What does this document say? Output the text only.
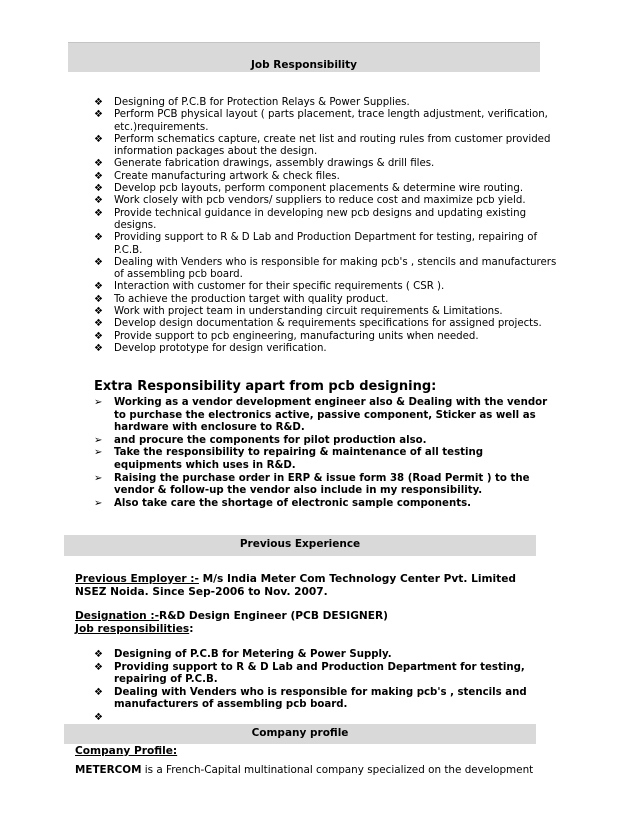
Job Responsibility
❖ Designing of P.C.B for Protection Relays & Power Supplies.
❖ Perform PCB physical layout ( parts placement, trace length adjustment, verification, etc.)requirements.
❖ Perform schematics capture, create net list and routing rules from customer provided information packages about the design.
❖ Generate fabrication drawings, assembly drawings & drill files.
❖ Create manufacturing artwork & check files.
❖ Develop pcb layouts, perform component placements & determine wire routing.
❖ Work closely with pcb vendors/ suppliers to reduce cost and maximize pcb yield.
❖ Provide technical guidance in developing new pcb designs and updating existing designs.
❖ Providing support to R & D Lab and Production Department for testing, repairing of P.C.B.
❖ Dealing with Venders who is responsible for making pcb's , stencils and manufacturers of assembling pcb board.
❖ Interaction with customer for their specific requirements ( CSR ).
❖ To achieve the production target with quality product.
❖ Work with project team in understanding circuit requirements & Limitations.
❖ Develop design documentation & requirements specifications for assigned projects.
❖ Provide support to pcb engineering, manufacturing units when needed.
❖ Develop prototype for design verification.

Extra Responsibility apart from pcb designing:

➢ Working as a vendor development engineer also & Dealing with the vendor to purchase the electronics active, passive component, Sticker as well as hardware with enclosure to R&D.
➢ and procure the components for pilot production also.
➢ Take the responsibility to repairing & maintenance of all testing equipments which uses in R&D.
➢ Raising the purchase order in ERP & issue form 38 (Road Permit ) to the vendor & follow-up the vendor also include in my responsibility.
➢ Also take care the shortage of electronic sample components.
Previous Experience

Previous Employer :- M/s India Meter Com Technology Center Pvt. Limited
NSEZ Noida. Since Sep-2006 to Nov. 2007.

Designation :-R&D Design Engineer (PCB DESIGNER)
Job responsibilities:

❖ Designing of P.C.B for Metering & Power Supply.
❖ Providing support to R & D Lab and Production Department for testing, repairing of P.C.B.
❖ Dealing with Venders who is responsible for making pcb's , stencils and manufacturers of assembling pcb board.
❖
Company profile

Company Profile:

METERCOM is a French-Capital multinational company specialized on the development
